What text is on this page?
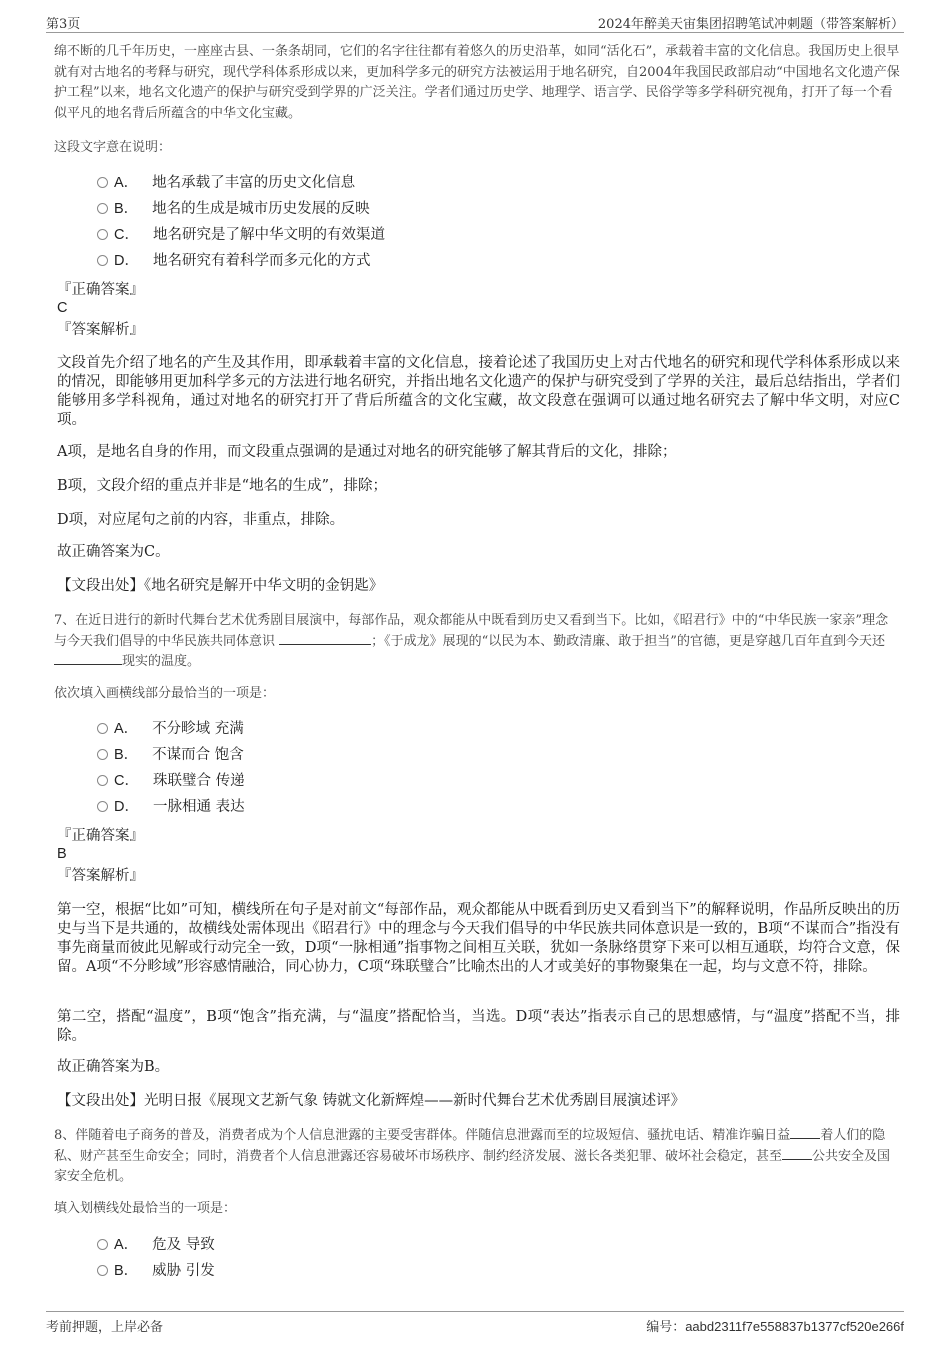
第3页	2024年醉美天宙集团招聘笔试冲刺题（带答案解析）

绵不断的几千年历史，一座座古县、一条条胡同，它们的名字往往都有着悠久的历史沿革，如同“活化石”，承载着丰富的文化信息。我国历史上很早就有对古地名的考释与研究，现代学科体系形成以来，更加科学多元的研究方法被运用于地名研究，自2004年我国民政部启动“中国地名文化遗产保护工程”以来，地名文化遗产的保护与研究受到学界的广泛关注。学者们通过历史学、地理学、语言学、民俗学等多学科研究视角，打开了每一个看似平凡的地名背后所蕴含的中华文化宝藏。

这段文字意在说明：

A． 地名承载了丰富的历史文化信息
B． 地名的生成是城市历史发展的反映
C． 地名研究是了解中华文明的有效渠道
D． 地名研究有着科学而多元化的方式
『正确答案』
C
『答案解析』

文段首先介绍了地名的产生及其作用，即承载着丰富的文化信息，接着论述了我国历史上对古代地名的研究和现代学科体系形成以来的情况，即能够用更加科学多元的方法进行地名研究，并指出地名文化遗产的保护与研究受到了学界的关注，最后总结指出，学者们能够用多学科视角，通过对地名的研究打开了背后所蕴含的文化宝藏，故文段意在强调可以通过地名研究去了解中华文明，对应C项。

A项，是地名自身的作用，而文段重点强调的是通过对地名的研究能够了解其背后的文化，排除；

B项，文段介绍的重点并非是“地名的生成”，排除；

D项，对应尾句之前的内容，非重点，排除。

故正确答案为C。

【文段出处】《地名研究是解开中华文明的金钥匙》

7、在近日进行的新时代舞台艺术优秀剧目展演中，每部作品，观众都能从中既看到历史又看到当下。比如，《昭君行》中的“中华民族一家亲”理念与今天我们倡导的中华民族共同体意识	；《于成龙》展现的“以民为本、勤政清廉、敢于担当”的官德，更是穿越几百年直到今天还 现实的温度。

依次填入画横线部分最恰当的一项是：

A． 不分畛域 充满
B． 不谋而合 饱含
C． 珠联璧合 传递
D． 一脉相通 表达
『正确答案』
B
『答案解析』

第一空，根据“比如”可知，横线所在句子是对前文“每部作品，观众都能从中既看到历史又看到当下”的解释说明，作品所反映出的历史与当下是共通的，故横线处需体现出《昭君行》中的理念与今天我们倡导的中华民族共同体意识是一致的，B项“不谋而合”指没有事先商量而彼此见解或行动完全一致，D项“一脉相通”指事物之间相互关联，犹如一条脉络贯穿下来可以相互通联，均符合文意，保留。A项“不分畛域”形容感情融洽，同心协力，C项“珠联璧合”比喻杰出的人才或美好的事物聚集在一起，均与文意不符，排除。

第二空，搭配“温度”，B项“饱含”指充满，与“温度”搭配恰当，当选。D项“表达”指表示自己的思想感情，与“温度”搭配不当，排除。

故正确答案为B。

【文段出处】光明日报《展现文艺新气象 铸就文化新辉煌——新时代舞台艺术优秀剧目展演述评》

8、伴随着电子商务的普及，消费者成为个人信息泄露的主要受害群体。伴随信息泄露而至的垃圾短信、骚扰电话、精准诈骗日益 着人们的隐私、财产甚至生命安全；同时，消费者个人信息泄露还容易破坏市场秩序、制约经济发展、滋长各类犯罪、破坏社会稳定，甚至 公共安全及国家安全危机。

填入划横线处最恰当的一项是：

A． 危及 导致
B． 威胁 引发
考前押题，上岸必备	编号：aabd2311f7e558837b1377cf520e266f
